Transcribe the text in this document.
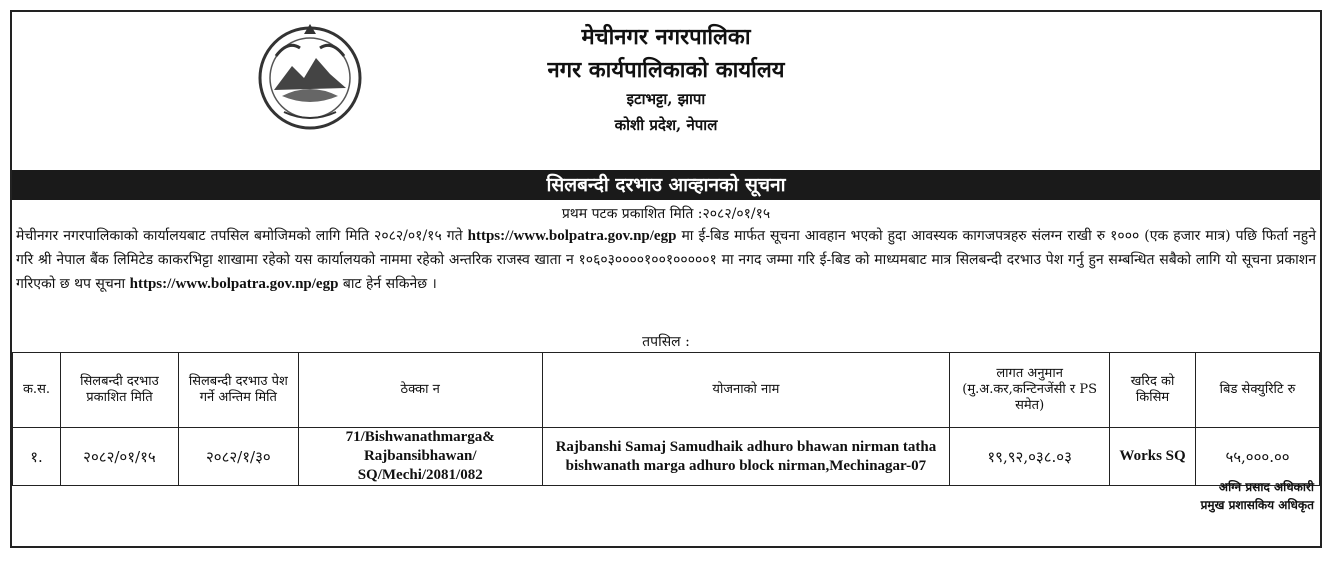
मेचीनगर नगरपालिका
नगर कार्यपालिकाको कार्यालय
इटाभट्टा, झापा
कोशी प्रदेश, नेपाल
सिलबन्दी दरभाउ आव्हानको सूचना
प्रथम पटक प्रकाशित मिति :२०८२/०१/१५
मेचीनगर नगरपालिकाको कार्यालयबाट तपसिल बमोजिमको लागि मिति २०८२/०१/१५ गते https://www.bolpatra.gov.np/egp मा ई-बिड मार्फत सूचना आवहान भएको हुदा आवस्यक कागजपत्रहरु संलग्न राखी रु १००० (एक हजार मात्र) पछि फिर्ता नहुने गरि श्री नेपाल बैंक लिमिटेड काकरभिट्टा शाखामा रहेको यस कार्यालयको नाममा रहेको अन्तरिक राजस्व खाता न १०६०३००००१००१०००००१ मा नगद जम्मा गरि ई-बिड को माध्यमबाट मात्र सिलबन्दी दरभाउ पेश गर्नु हुन सम्बन्धित सबैको लागि यो सूचना प्रकाशन गरिएको छ थप सूचना https://www.bolpatra.gov.np/egp बाट हेर्न सकिनेछ ।
तपसिल :
क.स.	सिलबन्दी दरभाउ प्रकाशित मिति	सिलबन्दी दरभाउ पेश गर्ने अन्तिम मिति	ठेक्का न	योजनाको नाम	लागत अनुमान (मु.अ.कर,कन्टिनजेंसी र PS समेत)	खरिद को किसिम	बिड सेक्युरिटि रु
१.	२०८२/०१/१५	२०८२/१/३०	71/Bishwanathmarga& Rajbansibhawan/ SQ/Mechi/2081/082	Rajbanshi Samaj Samudhaik adhuro bhawan nirman tatha bishwanath marga adhuro block nirman,Mechinagar-07	१९,९२,०३८.०३	Works SQ	५५,०००.००
अग्नि प्रसाद अधिकारी
प्रमुख प्रशासकिय अधिकृत
